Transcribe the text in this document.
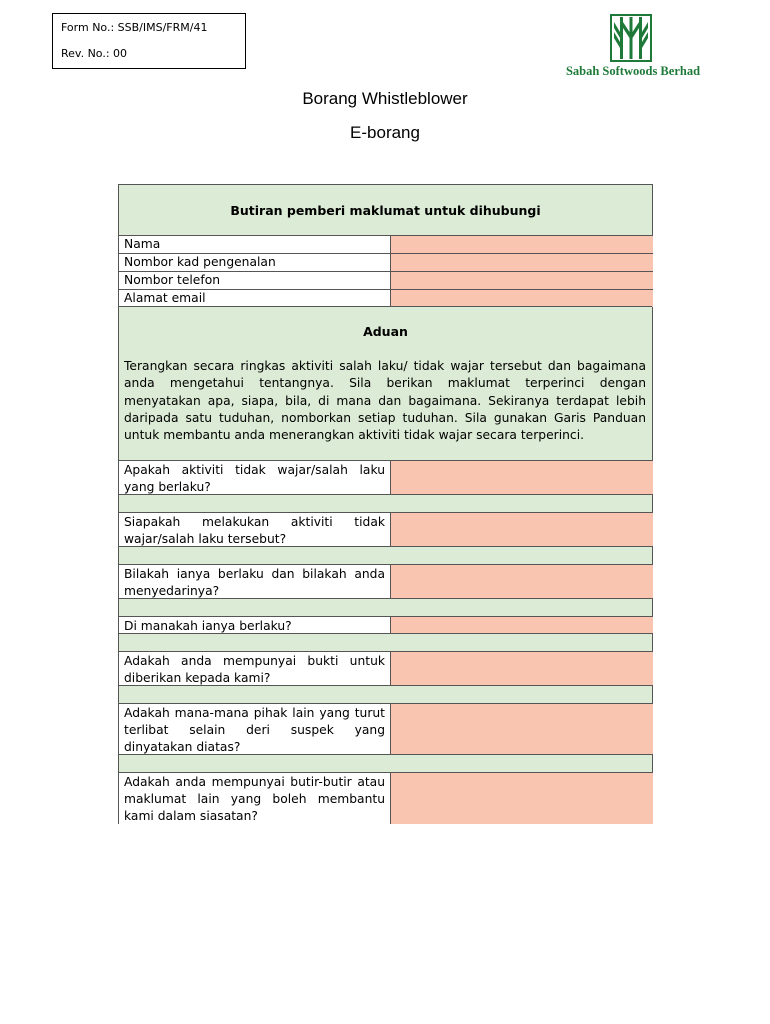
Form No.: SSB/IMS/FRM/41
Rev. No.: 00
Sabah Softwoods Berhad
Borang Whistleblower
E-borang
Butiran pemberi maklumat untuk dihubungi
Nama
Nombor kad pengenalan
Nombor telefon
Alamat email
Aduan
Terangkan secara ringkas aktiviti salah laku/ tidak wajar tersebut dan bagaimana anda mengetahui tentangnya. Sila berikan maklumat terperinci dengan menyatakan apa, siapa, bila, di mana dan bagaimana. Sekiranya terdapat lebih daripada satu tuduhan, nomborkan setiap tuduhan. Sila gunakan Garis Panduan untuk membantu anda menerangkan aktiviti tidak wajar secara terperinci.
Apakah aktiviti tidak wajar/salah laku yang berlaku?
Siapakah melakukan aktiviti tidak wajar/salah laku tersebut?
Bilakah ianya berlaku dan bilakah anda menyedarinya?
Di manakah ianya berlaku?
Adakah anda mempunyai bukti untuk diberikan kepada kami?
Adakah mana-mana pihak lain yang turut terlibat selain deri suspek yang dinyatakan diatas?
Adakah anda mempunyai butir-butir atau maklumat lain yang boleh membantu kami dalam siasatan?
